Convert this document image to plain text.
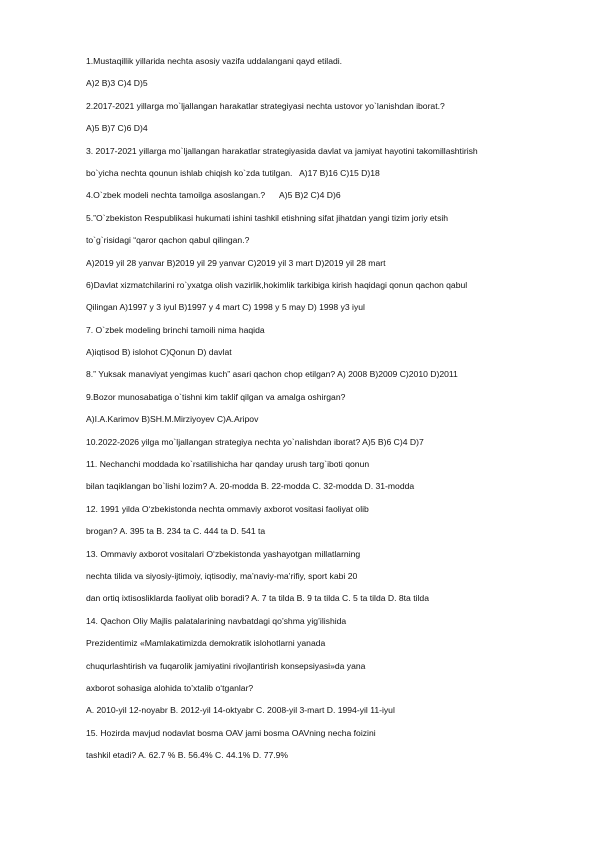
1.Mustaqillik yillarida nechta asosiy vazifa uddalangani qayd etiladi.
A)2 B)3 C)4 D)5
2.2017-2021 yillarga mo`ljallangan harakatlar strategiyasi nechta ustovor yo`lanishdan iborat.?
A)5 B)7 C)6 D)4
3. 2017-2021 yillarga mo`ljallangan harakatlar strategiyasida davlat va jamiyat hayotini takomillashtirish
bo`yicha nechta qounun ishlab chiqish ko`zda tutilgan.   A)17 B)16 C)15 D)18
4.O`zbek modeli nechta tamoilga asoslangan.?      A)5 B)2 C)4 D)6
5.”O`zbekiston Respublikasi hukumati ishini tashkil etishning sifat jihatdan yangi tizim joriy etsih
to`g`risidagi “qaror qachon qabul qilingan.?
A)2019 yil 28 yanvar B)2019 yil 29 yanvar C)2019 yil 3 mart D)2019 yil 28 mart
6)Davlat xizmatchilarini ro`yxatga olish vazirlik,hokimlik tarkibiga kirish haqidagi qonun qachon qabul
Qilingan A)1997 y 3 iyul B)1997 y 4 mart C) 1998 y 5 may D) 1998 y3 iyul
7. O`zbek modeling brinchi tamoili nima haqida
A)iqtisod B) islohot C)Qonun D) davlat
8.” Yuksak manaviyat yengimas kuch” asari qachon chop etilgan? A) 2008 B)2009 C)2010 D)2011
9.Bozor munosabatiga o`tishni kim taklif qilgan va amalga oshirgan?
A)I.A.Karimov B)SH.M.Mirziyoyev C)A.Aripov
10.2022-2026 yilga mo`ljallangan strategiya nechta yo`nalishdan iborat? A)5 B)6 C)4 D)7
11. Nechanchi moddada ko`rsatilishicha har qanday urush targ`iboti qonun
bilan taqiklangan bo`lishi lozim? A. 20-modda B. 22-modda C. 32-modda D. 31-modda
12. 1991 yilda O‘zbekistonda nechta ommaviy axborot vositasi faoliyat olib
brogan? A. 395 ta B. 234 ta C. 444 ta D. 541 ta
13. Ommaviy axborot vositalari O‘zbekistonda yashayotgan millatlarning
nechta tilida va siyosiy-ijtimoiy, iqtisodiy, ma’naviy-ma’rifiy, sport kabi 20
dan ortiq ixtisosliklarda faoliyat olib boradi? A. 7 ta tilda B. 9 ta tilda C. 5 ta tilda D. 8ta tilda
14. Qachon Oliy Majlis palatalarining navbatdagi qo’shma yig’ilishida
Prezidentimiz «Mamlakatimizda demokratik islohotlarni yanada
chuqurlashtirish va fuqarolik jamiyatini rivojlantirish konsepsiyasi»da yana
axborot sohasiga alohida to’xtalib o‘tganlar?
A. 2010-yil 12-noyabr B. 2012-yil 14-oktyabr C. 2008-yil 3-mart D. 1994-yil 11-iyul
15. Hozirda mavjud nodavlat bosma OAV jami bosma OAVning necha foizini
tashkil etadi? A. 62.7 % B. 56.4% C. 44.1% D. 77.9%
